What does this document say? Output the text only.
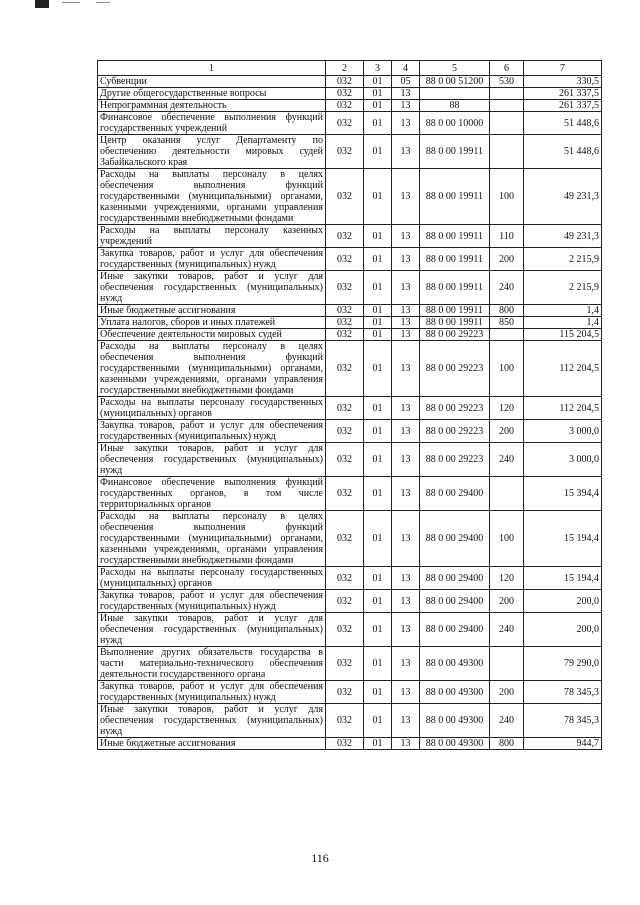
1	2	3	4	5	6	7
Субвенции	032	01	05	88 0 00 51200	530	330,5
Другие общегосударственные вопросы	032	01	13			261 337,5
Непрограммная деятельность	032	01	13	88		261 337,5
Финансовое обеспечение выполнения функций государственных учреждений	032	01	13	88 0 00 10000		51 448,6
Центр оказания услуг Департаменту по обеспечению деятельности мировых судей Забайкальского края	032	01	13	88 0 00 19911		51 448,6
Расходы на выплаты персоналу в целях обеспечения выполнения функций государственными (муниципальными) органами, казенными учреждениями, органами управления государственными внебюджетными фондами	032	01	13	88 0 00 19911	100	49 231,3
Расходы на выплаты персоналу казенных учреждений	032	01	13	88 0 00 19911	110	49 231,3
Закупка товаров, работ и услуг для обеспечения государственных (муниципальных) нужд	032	01	13	88 0 00 19911	200	2 215,9
Иные закупки товаров, работ и услуг для обеспечения государственных (муниципальных) нужд	032	01	13	88 0 00 19911	240	2 215,9
Иные бюджетные ассигнования	032	01	13	88 0 00 19911	800	1,4
Уплата налогов, сборов и иных платежей	032	01	13	88 0 00 19911	850	1,4
Обеспечение деятельности мировых судей	032	01	13	88 0 00 29223		115 204,5
Расходы на выплаты персоналу в целях обеспечения выполнения функций государственными (муниципальными) органами, казенными учреждениями, органами управления государственными внебюджетными фондами	032	01	13	88 0 00 29223	100	112 204,5
Расходы на выплаты персоналу государственных (муниципальных) органов	032	01	13	88 0 00 29223	120	112 204,5
Закупка товаров, работ и услуг для обеспечения государственных (муниципальных) нужд	032	01	13	88 0 00 29223	200	3 000,0
Иные закупки товаров, работ и услуг для обеспечения государственных (муниципальных) нужд	032	01	13	88 0 00 29223	240	3 000,0
Финансовое обеспечение выполнения функций государственных органов, в том числе территориальных органов	032	01	13	88 0 00 29400		15 394,4
Расходы на выплаты персоналу в целях обеспечения выполнения функций государственными (муниципальными) органами, казенными учреждениями, органами управления государственными внебюджетными фондами	032	01	13	88 0 00 29400	100	15 194,4
Расходы на выплаты персоналу государственных (муниципальных) органов	032	01	13	88 0 00 29400	120	15 194,4
Закупка товаров, работ и услуг для обеспечения государственных (муниципальных) нужд	032	01	13	88 0 00 29400	200	200,0
Иные закупки товаров, работ и услуг для обеспечения государственных (муниципальных) нужд	032	01	13	88 0 00 29400	240	200,0
Выполнение других обязательств государства в части материально-технического обеспечения деятельности государственного органа	032	01	13	88 0 00 49300		79 290,0
Закупка товаров, работ и услуг для обеспечения государственных (муниципальных) нужд	032	01	13	88 0 00 49300	200	78 345,3
Иные закупки товаров, работ и услуг для обеспечения государственных (муниципальных) нужд	032	01	13	88 0 00 49300	240	78 345,3
Иные бюджетные ассигнования	032	01	13	88 0 00 49300	800	944,7
116
